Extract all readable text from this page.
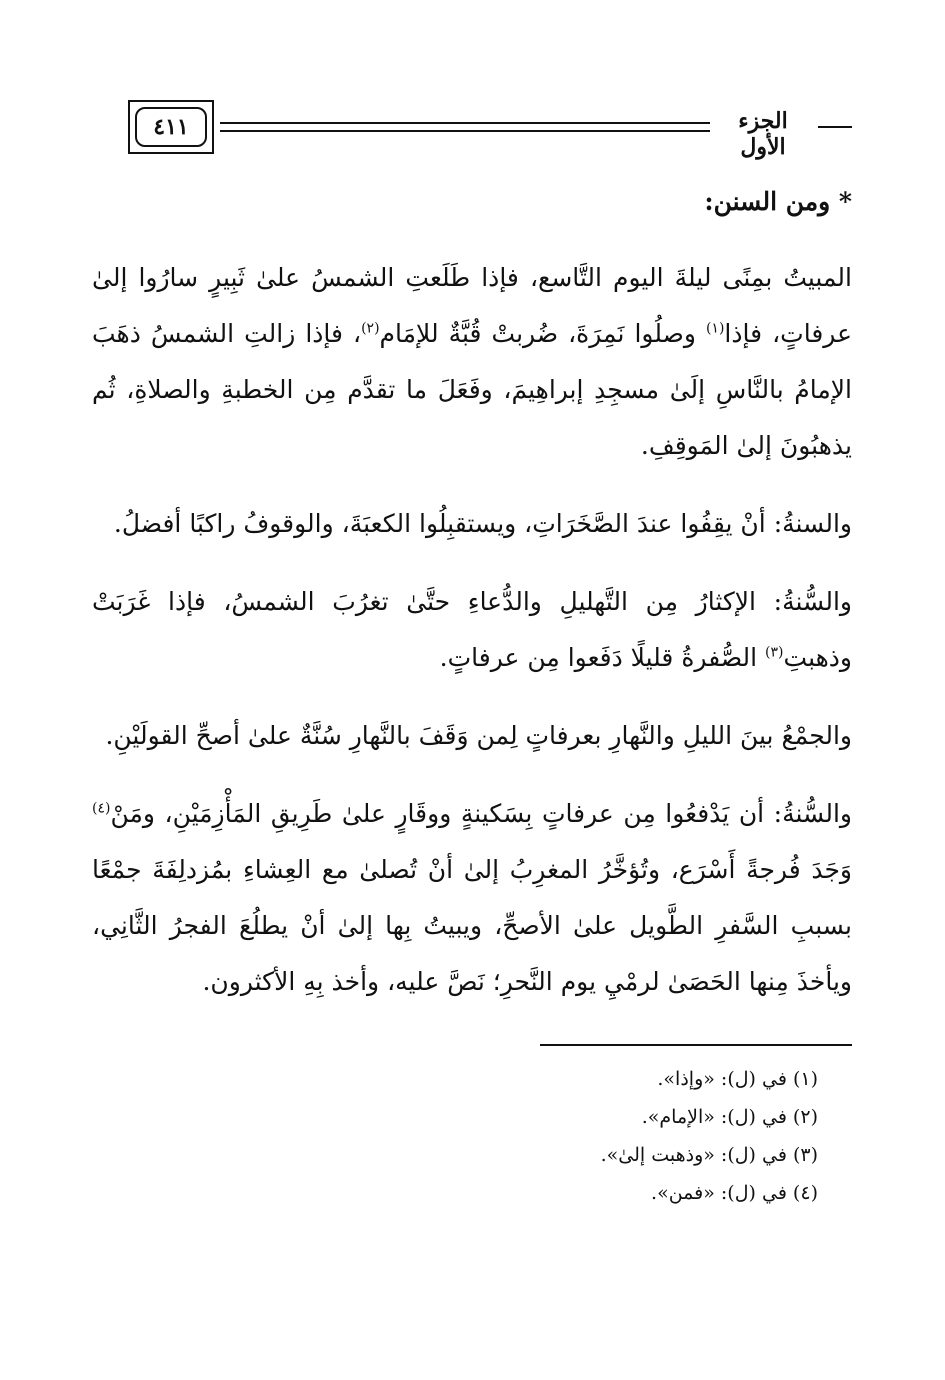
٤١١	الجزء الأول
* ومن السنن:

المبيتُ بمِنًى ليلةَ اليوم التَّاسع، فإذا طَلَعتِ الشمسُ علىٰ ثَبِيرٍ سارُوا إلىٰ عرفاتٍ، فإذا$^{(١)}$ وصلُوا نَمِرَةَ، ضُربتْ قُبَّةٌ للإمَام$^{(٢)}$، فإذا زالتِ الشمسُ ذهَبَ الإمامُ بالنَّاسِ إلَىٰ مسجِدِ إبراهِيمَ، وفَعَلَ ما تقدَّم مِن الخطبةِ والصلاةِ، ثُم يذهبُونَ إلىٰ المَوقِفِ.

والسنةُ: أنْ يقِفُوا عندَ الصَّخَرَاتِ، ويستقبِلُوا الكعبَةَ، والوقوفُ راكبًا أفضلُ.

والسُّنةُ: الإكثارُ مِن التَّهليلِ والدُّعاءِ حتَّىٰ تغرُبَ الشمسُ، فإذا غَرَبَتْ وذهبتِ$^{(٣)}$ الصُّفرةُ قليلًا دَفَعوا مِن عرفاتٍ.

والجمْعُ بينَ الليلِ والنَّهارِ بعرفاتٍ لِمن وَقَفَ بالنَّهارِ سُنَّةٌ علىٰ أصحِّ القولَيْنِ.

والسُّنةُ: أن يَدْفعُوا مِن عرفاتٍ بِسَكينةٍ ووقَارٍ علىٰ طَرِيقِ المَأْزِمَيْنِ، ومَنْ$^{(٤)}$ وَجَدَ فُرجةً أَسْرَع، وتُؤخَّرُ المغرِبُ إلىٰ أنْ تُصلىٰ مع العِشاءِ بمُزدلِفَةَ جمْعًا بسببِ السَّفرِ الطَّويل علىٰ الأصحِّ، ويبيتُ بِها إلىٰ أنْ يطلُعَ الفجرُ الثَّانِي، ويأخذَ مِنها الحَصَىٰ لرمْيِ يوم النَّحرِ؛ نَصَّ عليه، وأخذ بِهِ الأكثرون.

(١) في (ل): «وإذا».

(٢) في (ل): «الإمام».

(٣) في (ل): «وذهبت إلىٰ».

(٤) في (ل): «فمن».
